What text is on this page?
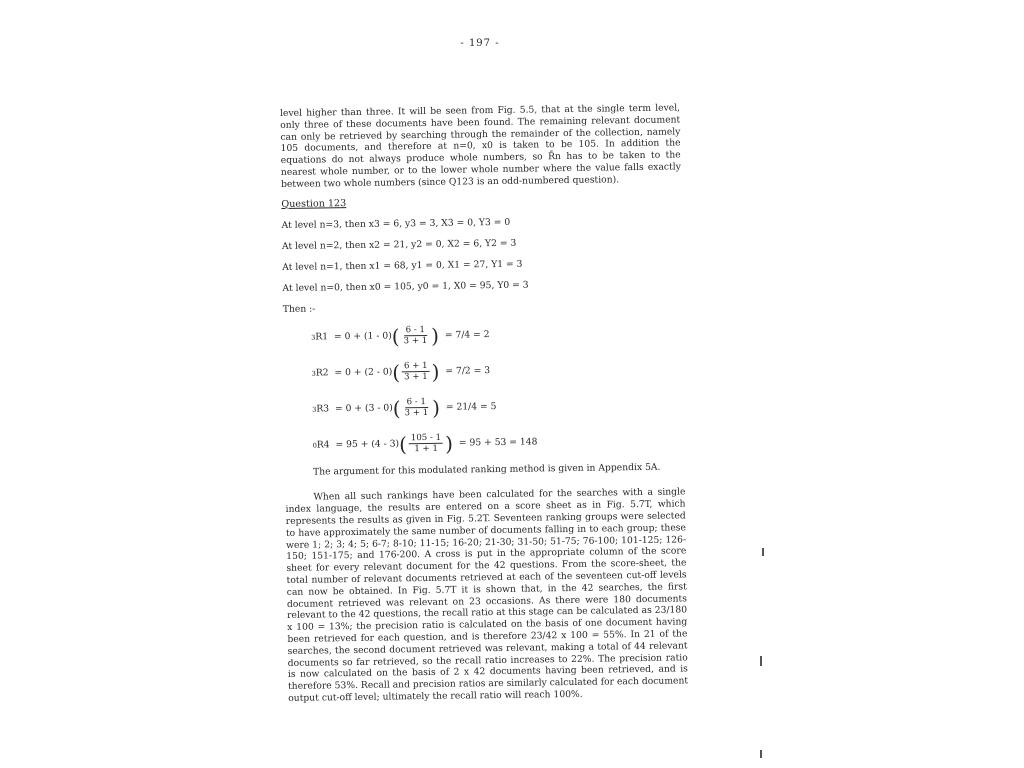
- 197 -

level higher than three. It will be seen from Fig. 5.5, that at the single term level, only three of these documents have been found. The remaining relevant document can only be retrieved by searching through the remainder of the collection, namely 105 documents, and therefore at n=0, x0 is taken to be 105. In addition the equations do not always produce whole numbers, so R̄n has to be taken to the nearest whole number, or to the lower whole number where the value falls exactly between two whole numbers (since Q123 is an odd-numbered question).

Question 123
At level n=3, then x3 = 6, y3 = 3, X3 = 0, Y3 = 0
At level n=2, then x2 = 21, y2 = 0, X2 = 6, Y2 = 3
At level n=1, then x1 = 68, y1 = 0, X1 = 27, Y1 = 3
At level n=0, then x0 = 105, y0 = 1, X0 = 95, Y0 = 3
Then :-
3 R1
= 0 + (1 - 0) ( $\frac{6 - 1}{3 + 1}$ )
= 7/4 = 2
3 R2
= 0 + (2 - 0) ( $\frac{6 + 1}{3 + 1}$ )
= 7/2 = 3
3 R3
= 0 + (3 - 0) ( $\frac{6 - 1}{3 + 1}$ )
= 21/4 = 5
0 R4
= 95 + (4 - 3) ( $\frac{105 - 1}{1 + 1}$ )
= 95 + 53 = 148

The argument for this modulated ranking method is given in Appendix 5A.

When all such rankings have been calculated for the searches with a single index language, the results are entered on a score sheet as in Fig. 5.7T, which represents the results as given in Fig. 5.2T. Seventeen ranking groups were selected to have approximately the same number of documents falling in to each group; these were 1; 2; 3; 4; 5; 6-7; 8-10; 11-15; 16-20; 21-30; 31-50; 51-75; 76-100; 101-125; 126-150; 151-175; and 176-200. A cross is put in the appropriate column of the score sheet for every relevant document for the 42 questions. From the score-sheet, the total number of relevant documents retrieved at each of the seventeen cut-off levels can now be obtained. In Fig. 5.7T it is shown that, in the 42 searches, the first document retrieved was relevant on 23 occasions. As there were 180 documents relevant to the 42 questions, the recall ratio at this stage can be calculated as 23/180 x 100 = 13%; the precision ratio is calculated on the basis of one document having been retrieved for each question, and is therefore 23/42 x 100 = 55%. In 21 of the searches, the second document retrieved was relevant, making a total of 44 relevant documents so far retrieved, so the recall ratio increases to 22%. The precision ratio is now calculated on the basis of 2 x 42 documents having been retrieved, and is therefore 53%. Recall and precision ratios are similarly calculated for each document output cut-off level; ultimately the recall ratio will reach 100%.
